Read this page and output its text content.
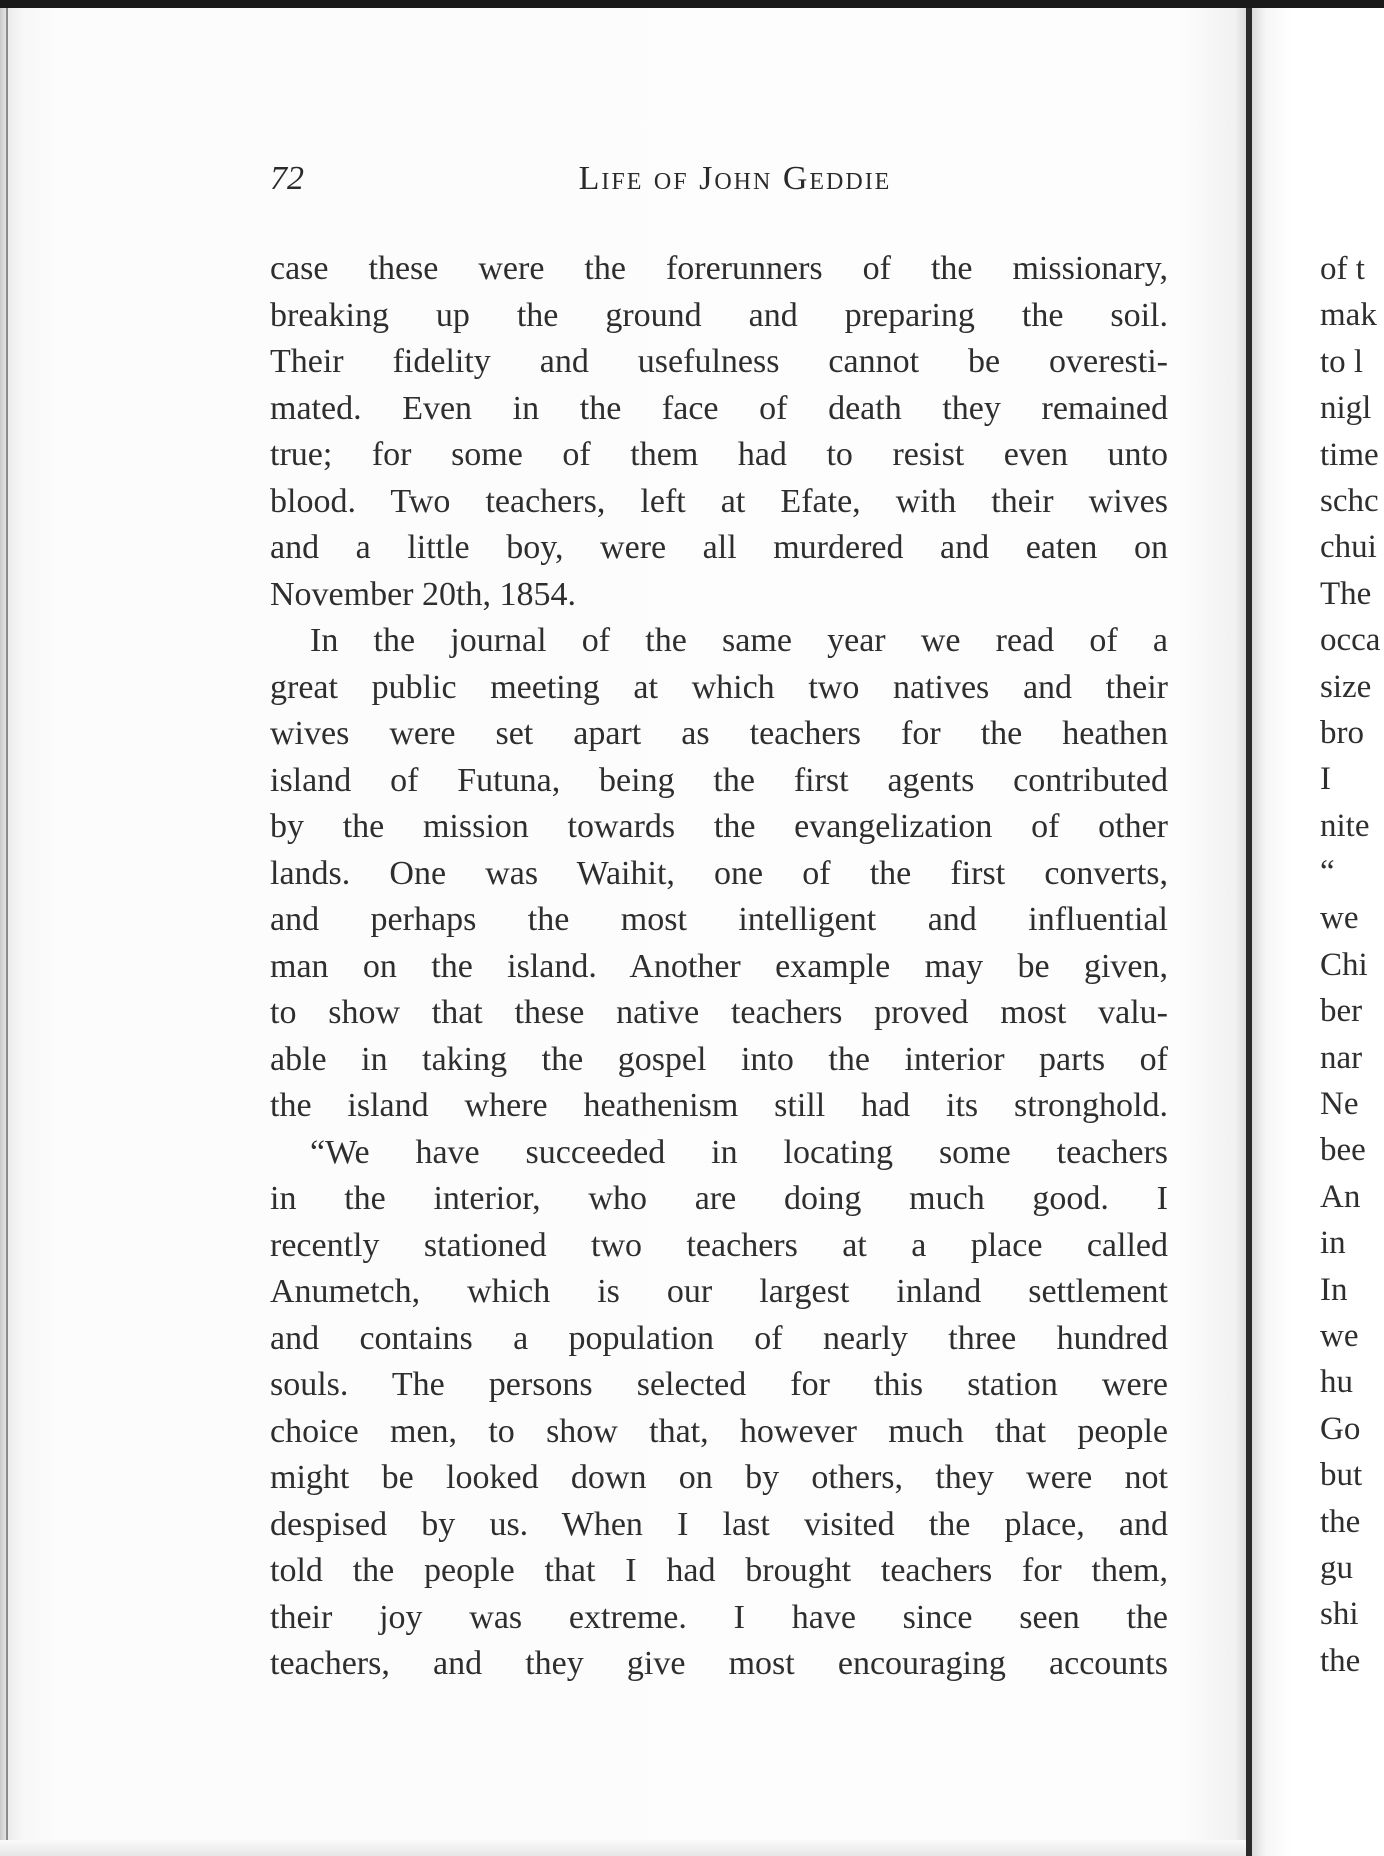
72	Life of John Geddie
case these were the forerunners of the missionary,
breaking up the ground and preparing the soil.
Their fidelity and usefulness cannot be overesti-
mated. Even in the face of death they remained
true; for some of them had to resist even unto
blood. Two teachers, left at Efate, with their wives
and a little boy, were all murdered and eaten on
November 20th, 1854.
In the journal of the same year we read of a
great public meeting at which two natives and their
wives were set apart as teachers for the heathen
island of Futuna, being the first agents contributed
by the mission towards the evangelization of other
lands. One was Waihit, one of the first converts,
and perhaps the most intelligent and influential
man on the island. Another example may be given,
to show that these native teachers proved most valu-
able in taking the gospel into the interior parts of
the island where heathenism still had its stronghold.
“We have succeeded in locating some teachers
in the interior, who are doing much good. I
recently stationed two teachers at a place called
Anumetch, which is our largest inland settlement
and contains a population of nearly three hundred
souls. The persons selected for this station were
choice men, to show that, however much that people
might be looked down on by others, they were not
despised by us. When I last visited the place, and
told the people that I had brought teachers for them,
their joy was extreme. I have since seen the
teachers, and they give most encouraging accounts
of t
mak
to l
nigl
time
schc
chui
The
occa
size
bro
I
nite
“
we
Chi
ber
nar
Ne
bee
An
in
In
we
hu
Go
but
the
gu
shi
the
